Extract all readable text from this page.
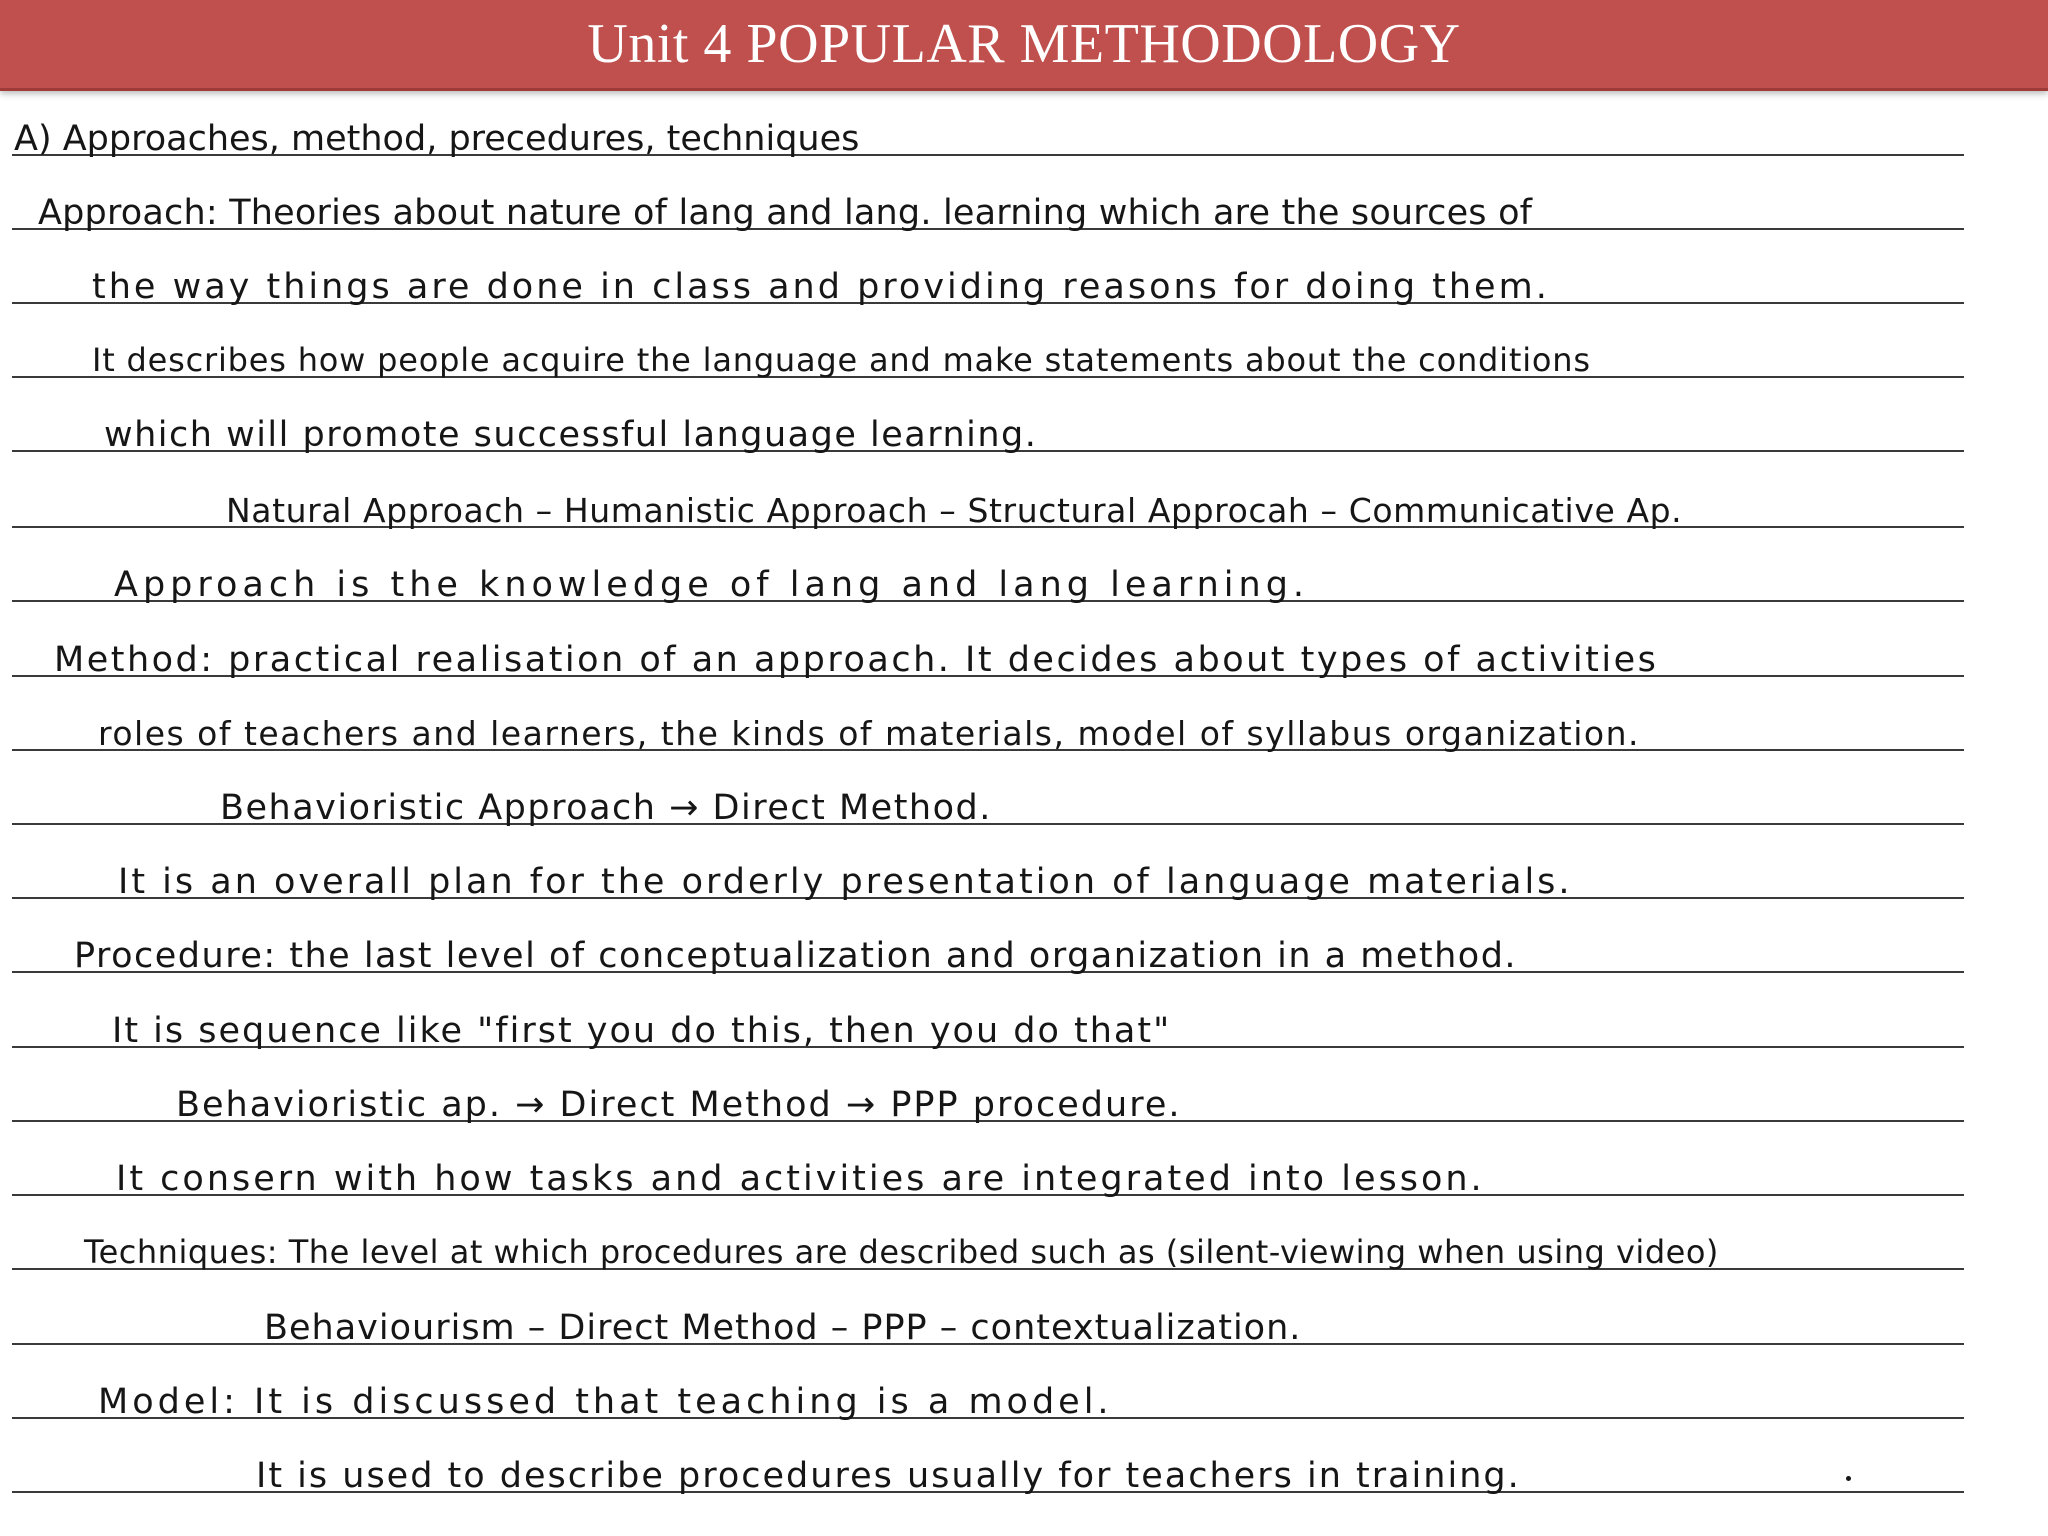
Unit 4 POPULAR METHODOLOGY
A) Approaches, method, precedures, techniques
Approach: Theories about nature of lang and lang. learning which are the sources of
the way things are done in class and providing reasons for doing them.
It describes how people acquire the language and make statements about the conditions
which will promote successful language learning.
Natural Approach – Humanistic Approach – Structural Approcah – Communicative Ap.
Approach is the knowledge of lang and lang learning.
Method: practical realisation of an approach. It decides about types of activities
roles of teachers and learners, the kinds of materials, model of syllabus organization.
Behavioristic Approach → Direct Method.
It is an overall plan for the orderly presentation of language materials.
Procedure: the last level of conceptualization and organization in a method.
It is sequence like "first you do this, then you do that"
Behavioristic ap. → Direct Method → PPP procedure.
It consern with how tasks and activities are integrated into lesson.
Techniques: The level at which procedures are described such as (silent-viewing when using video)
Behaviourism – Direct Method – PPP – contextualization.
Model: It is discussed that teaching is a model.
It is used to describe procedures usually for teachers in training.
